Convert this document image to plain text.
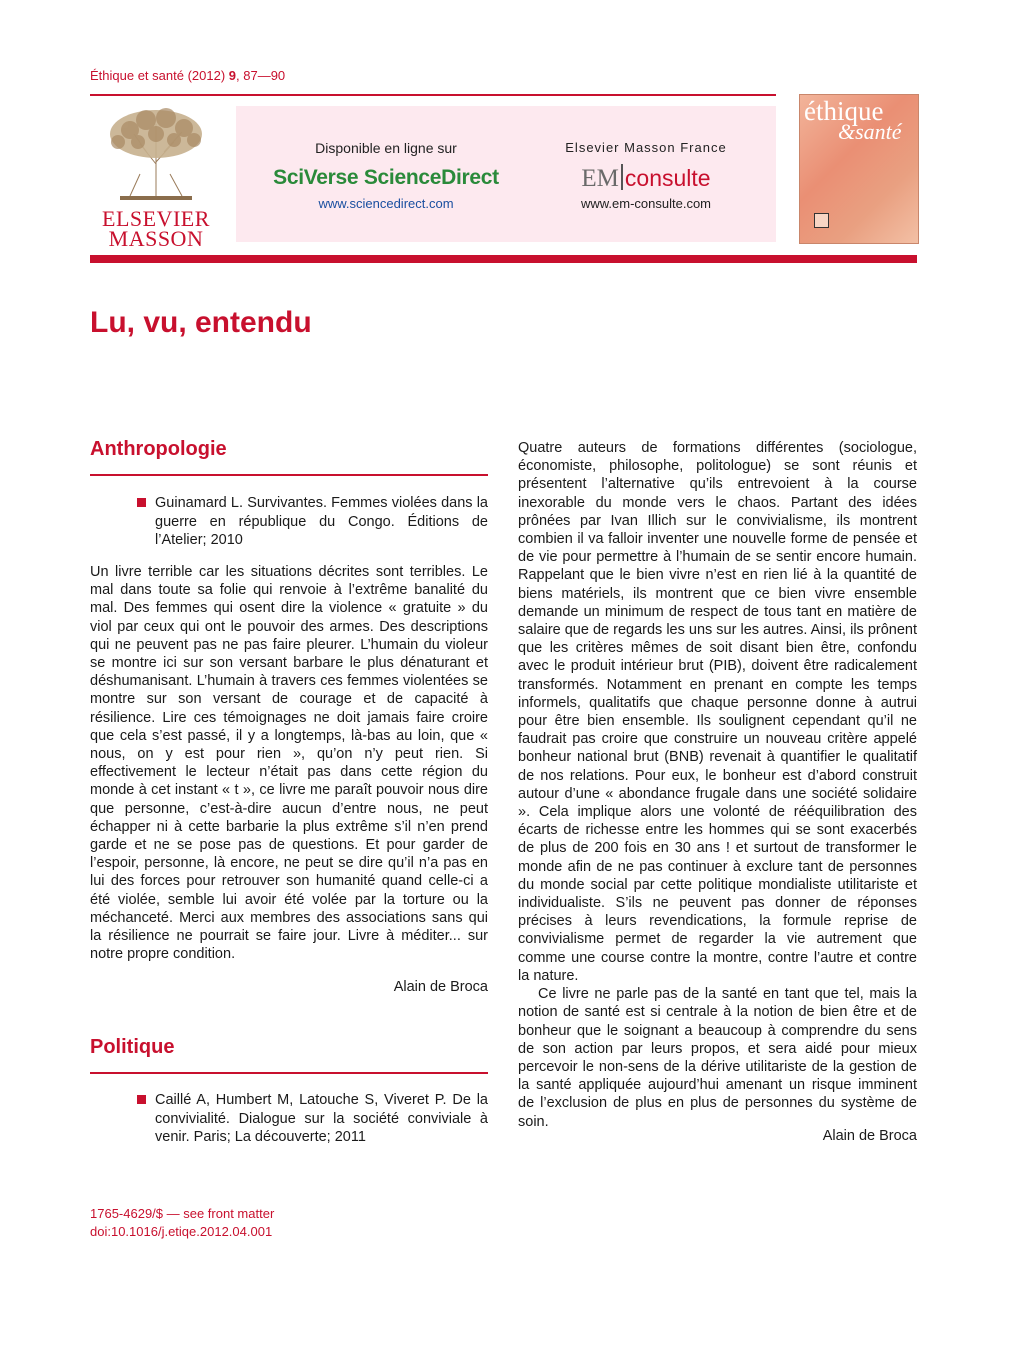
Éthique et santé (2012) 9, 87—90
ELSEVIER
MASSON
Disponible en ligne sur
SciVerse ScienceDirect
www.sciencedirect.com
Elsevier Masson France
EM consulte
www.em-consulte.com
éthique
&santé
Lu, vu, entendu
Anthropologie
Guinamard L. Survivantes. Femmes violées dans la guerre en république du Congo. Éditions de l’Atelier; 2010

Un livre terrible car les situations décrites sont terribles. Le mal dans toute sa folie qui renvoie à l’extrême banalité du mal. Des femmes qui osent dire la violence « gratuite » du viol par ceux qui ont le pouvoir des armes. Des descriptions qui ne peuvent pas ne pas faire pleurer. L’humain du violeur se montre ici sur son versant barbare le plus dénaturant et déshumanisant. L’humain à travers ces femmes violentées se montre sur son versant de courage et de capacité à résilience. Lire ces témoignages ne doit jamais faire croire que cela s’est passé, il y a longtemps, là-bas au loin, que « nous, on y est pour rien », qu’on n’y peut rien. Si effectivement le lecteur n’était pas dans cette région du monde à cet instant « t », ce livre me paraît pouvoir nous dire que personne, c’est-à-dire aucun d’entre nous, ne peut échapper ni à cette barbarie la plus extrême s’il n’en prend garde et ne se pose pas de questions. Et pour garder de l’espoir, personne, là encore, ne peut se dire qu’il n’a pas en lui des forces pour retrouver son humanité quand celle-ci a été violée, semble lui avoir été volée par la torture ou la méchanceté. Merci aux membres des associations sans qui la résilience ne pourrait se faire jour. Livre à méditer... sur notre propre condition.

Alain de Broca
Politique
Caillé A, Humbert M, Latouche S, Viveret P. De la convivialité. Dialogue sur la société conviviale à venir. Paris; La découverte; 2011

Quatre auteurs de formations différentes (sociologue, économiste, philosophe, politologue) se sont réunis et présentent l’alternative qu’ils entrevoient à la course inexorable du monde vers le chaos. Partant des idées prônées par Ivan Illich sur le convivialisme, ils montrent combien il va falloir inventer une nouvelle forme de pensée et de vie pour permettre à l’humain de se sentir encore humain. Rappelant que le bien vivre n’est en rien lié à la quantité de biens matériels, ils montrent que ce bien vivre ensemble demande un minimum de respect de tous tant en matière de salaire que de regards les uns sur les autres. Ainsi, ils prônent que les critères mêmes de soit disant bien être, confondu avec le produit intérieur brut (PIB), doivent être radicalement transformés. Notamment en prenant en compte les temps informels, qualitatifs que chaque personne donne à autrui pour être bien ensemble. Ils soulignent cependant qu’il ne faudrait pas croire que construire un nouveau critère appelé bonheur national brut (BNB) revenait à quantifier le qualitatif de nos relations. Pour eux, le bonheur est d’abord construit autour d’une « abondance frugale dans une société solidaire ». Cela implique alors une volonté de rééquilibration des écarts de richesse entre les hommes qui se sont exacerbés de plus de 200 fois en 30 ans ! et surtout de transformer le monde afin de ne pas continuer à exclure tant de personnes du monde social par cette politique mondialiste utilitariste et individualiste. S’ils ne peuvent pas donner de réponses précises à leurs revendications, la formule reprise de convivialisme permet de regarder la vie autrement que comme une course contre la montre, contre l’autre et contre la nature.

Ce livre ne parle pas de la santé en tant que tel, mais la notion de santé est si centrale à la notion de bien être et de bonheur que le soignant a beaucoup à comprendre du sens de son action par leurs propos, et sera aidé pour mieux percevoir le non-sens de la dérive utilitariste de la gestion de la santé appliquée aujourd’hui amenant un risque imminent de l’exclusion de plus en plus de personnes du système de soin.

Alain de Broca
1765-4629/$ — see front matter
doi:10.1016/j.etiqe.2012.04.001
